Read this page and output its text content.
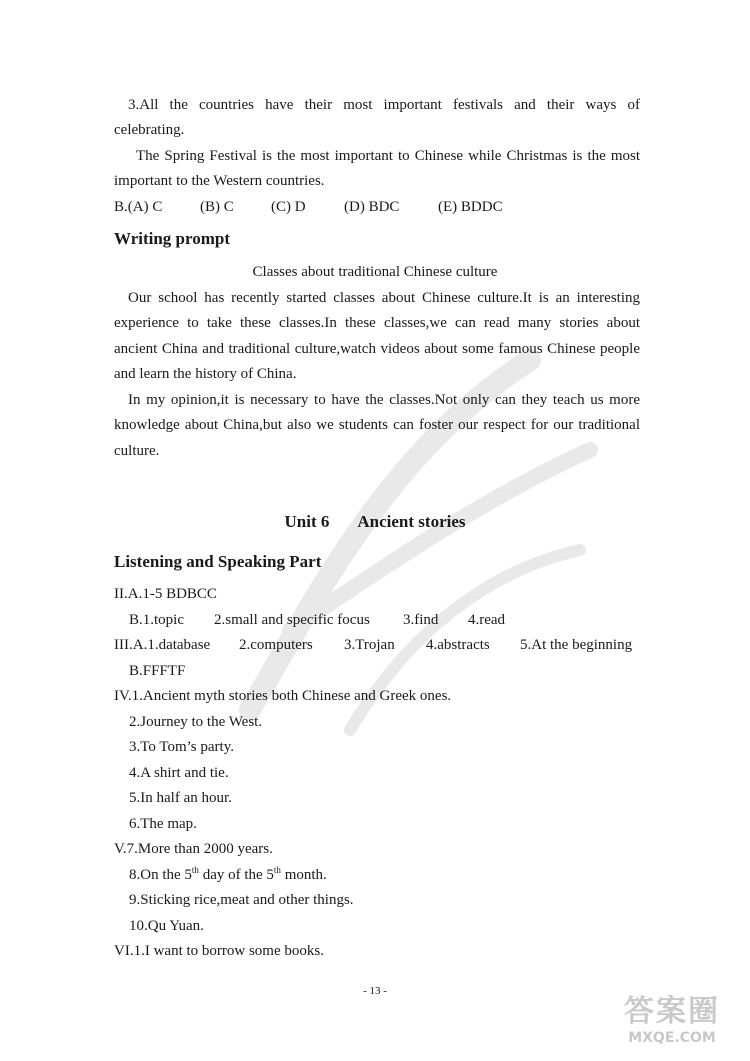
3.All the countries have their most important festivals and their ways of
celebrating.
The Spring Festival is the most important to Chinese while Christmas is the most
important to the Western countries.
B.(A) C	(B) C	(C) D	(D) BDC	(E) BDDC
Writing prompt
Classes about traditional Chinese culture
Our school has recently started classes about Chinese culture.It is an interesting
experience to take these classes.In these classes,we can read many stories about
ancient China and traditional culture,watch videos about some famous Chinese people
and learn the history of China.
In my opinion,it is necessary to have the classes.Not only can they teach us more
knowledge about China,but also we students can foster our respect for our traditional
culture.
Unit 6 Ancient stories
Listening and Speaking Part
II.A.1-5 BDBCC
B.1.topic	2.small and specific focus	3.find	4.read
III.A.1.database	2.computers	3.Trojan	4.abstracts	5.At the beginning
B.FFFTF
IV.1.Ancient myth stories both Chinese and Greek ones.
2.Journey to the West.
3.To Tom’s party.
4.A shirt and tie.
5.In half an hour.
6.The map.
V.7.More than 2000 years.
8.On the 5th day of the 5th month.
9.Sticking rice,meat and other things.
10.Qu Yuan.
VI.1.I want to borrow some books.
- 13 -
答案圈
MXQE.COM
